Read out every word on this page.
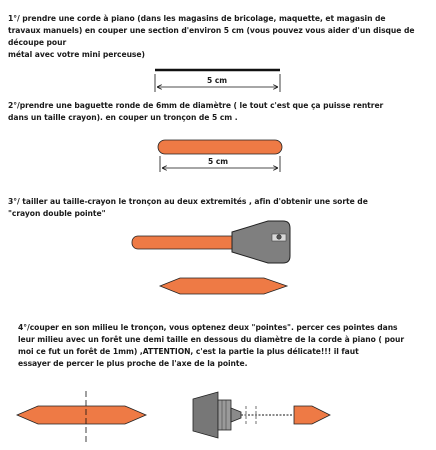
1°/ prendre une corde à piano (dans les magasins de bricolage, maquette, et magasin de
travaux manuels) en couper une section d'environ 5 cm (vous pouvez vous aider d'un disque de découpe pour
métal avec votre mini perceuse)
2°/prendre une baguette ronde de 6mm de diamètre ( le tout c'est que ça puisse rentrer
dans un taille crayon). en couper un tronçon de 5 cm .
3°/ tailler au taille-crayon le tronçon au deux extremités , afin d'obtenir une sorte de
"crayon double pointe"
4°/couper en son milieu le tronçon, vous optenez deux "pointes". percer ces pointes dans
leur milieu avec un forêt une demi taille en dessous du diamètre de la corde à piano ( pour
moi ce fut un forêt de 1mm) ,ATTENTION, c'est la partie la plus délicate!!! il faut
essayer de percer le plus proche de l'axe de la pointe.
5 cm
5 cm
